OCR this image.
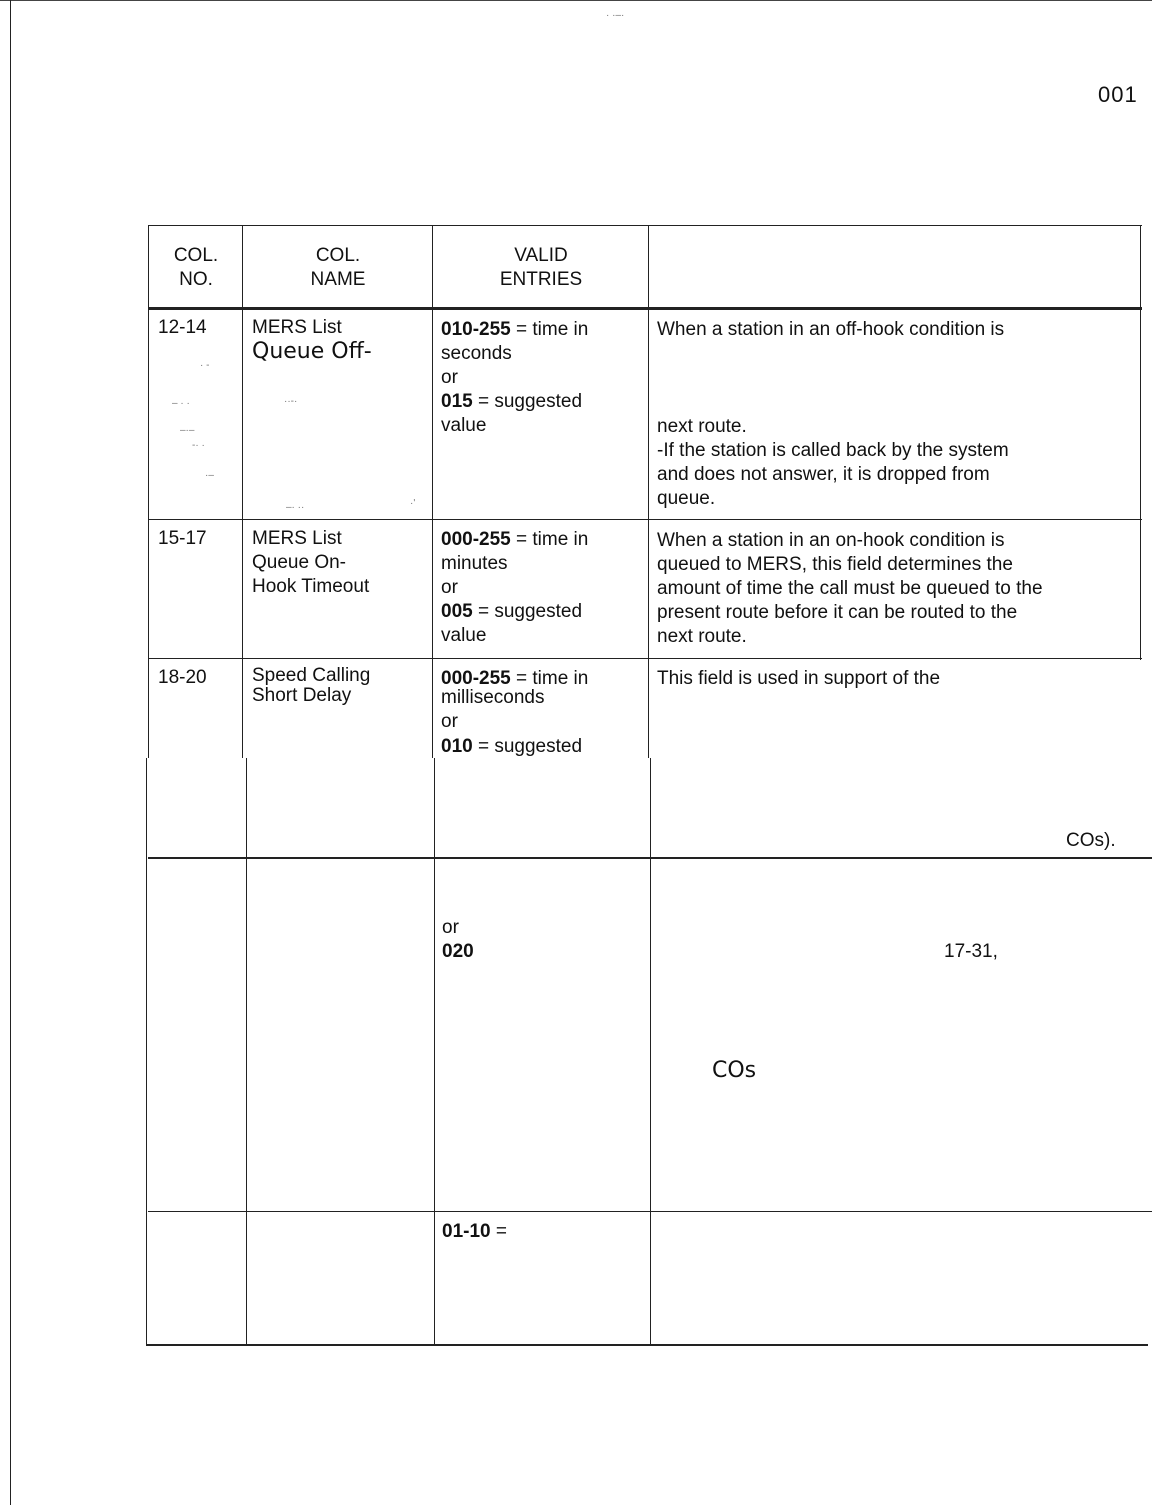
001
· ·–·
· -
– · ·
–·–
-· ·
·–
··-·
–· ··	·'
COL.
NO.
COL.
NAME
VALID
ENTRIES
12-14 MERS List
Queue Off-
010-255 = time in
seconds
or
015 = suggested
value
When a station in an off-hook condition is
next route.
-If the station is called back by the system
and does not answer, it is dropped from
queue.
15-17 MERS List
Queue On-
Hook Timeout
000-255 = time in
minutes
or
005 = suggested
value
When a station in an on-hook condition is
queued to MERS, this field determines the
amount of time the call must be queued to the
present route before it can be routed to the
next route.
18-20 Speed Calling
Short Delay
000-255 = time in
milliseconds
or
010 = suggested
This field is used in support of the
COs).
or
020	17-31,
COs
01-10 =
